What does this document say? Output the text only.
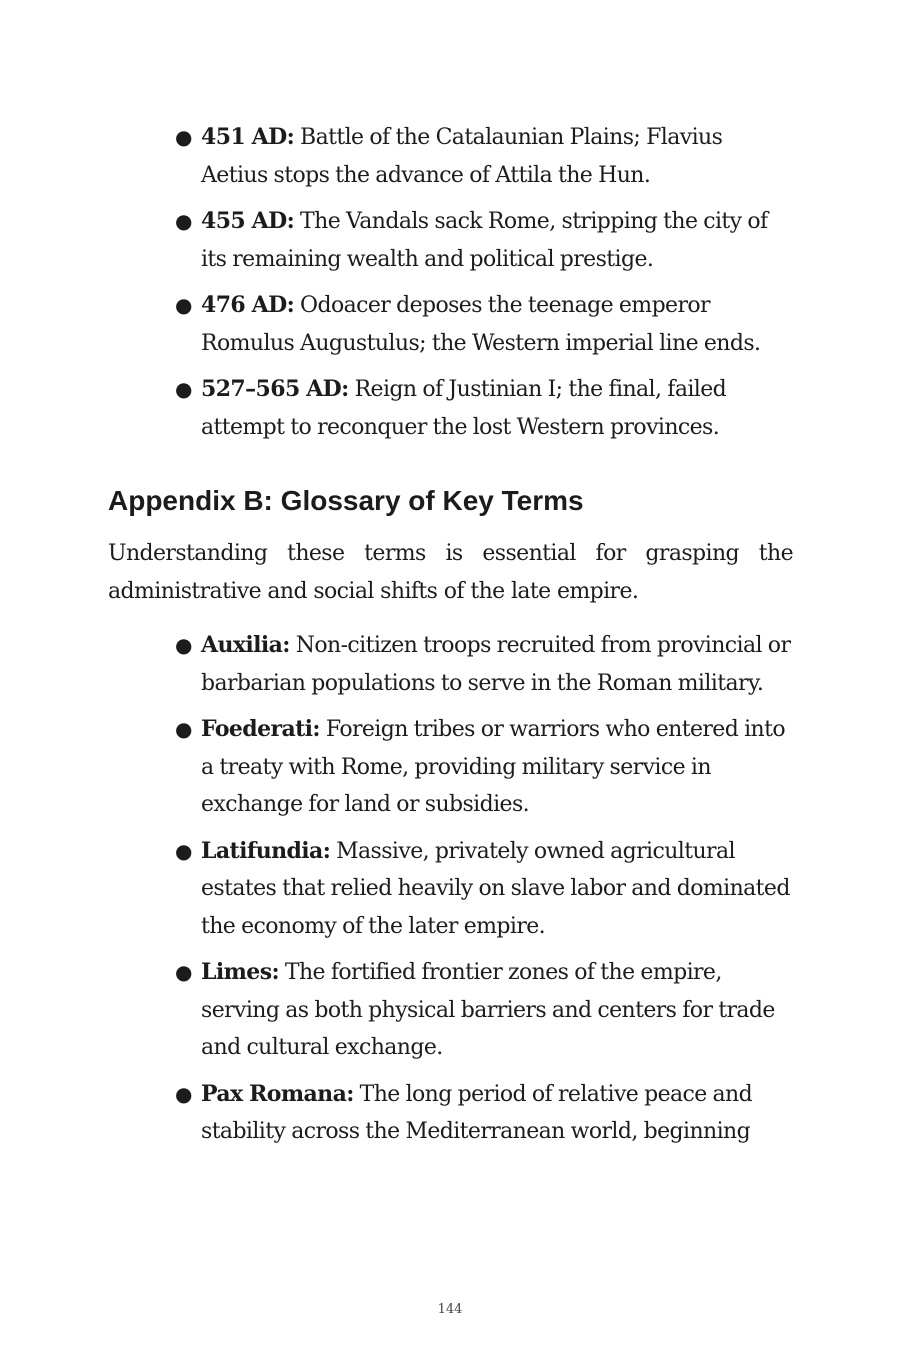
● 451 AD: Battle of the Catalaunian Plains; Flavius Aetius stops the advance of Attila the Hun.
● 455 AD: The Vandals sack Rome, stripping the city of its remaining wealth and political prestige.
● 476 AD: Odoacer deposes the teenage emperor Romulus Augustulus; the Western imperial line ends.
● 527–565 AD: Reign of Justinian I; the final, failed attempt to reconquer the lost Western provinces.
Appendix B: Glossary of Key Terms

Understanding these terms is essential for grasping the administrative and social shifts of the late empire.

● Auxilia: Non-citizen troops recruited from provincial or barbarian populations to serve in the Roman military.
● Foederati: Foreign tribes or warriors who entered into a treaty with Rome, providing military service in exchange for land or subsidies.
● Latifundia: Massive, privately owned agricultural estates that relied heavily on slave labor and dominated the economy of the later empire.
● Limes: The fortified frontier zones of the empire, serving as both physical barriers and centers for trade and cultural exchange.
● Pax Romana: The long period of relative peace and stability across the Mediterranean world, beginning
144
